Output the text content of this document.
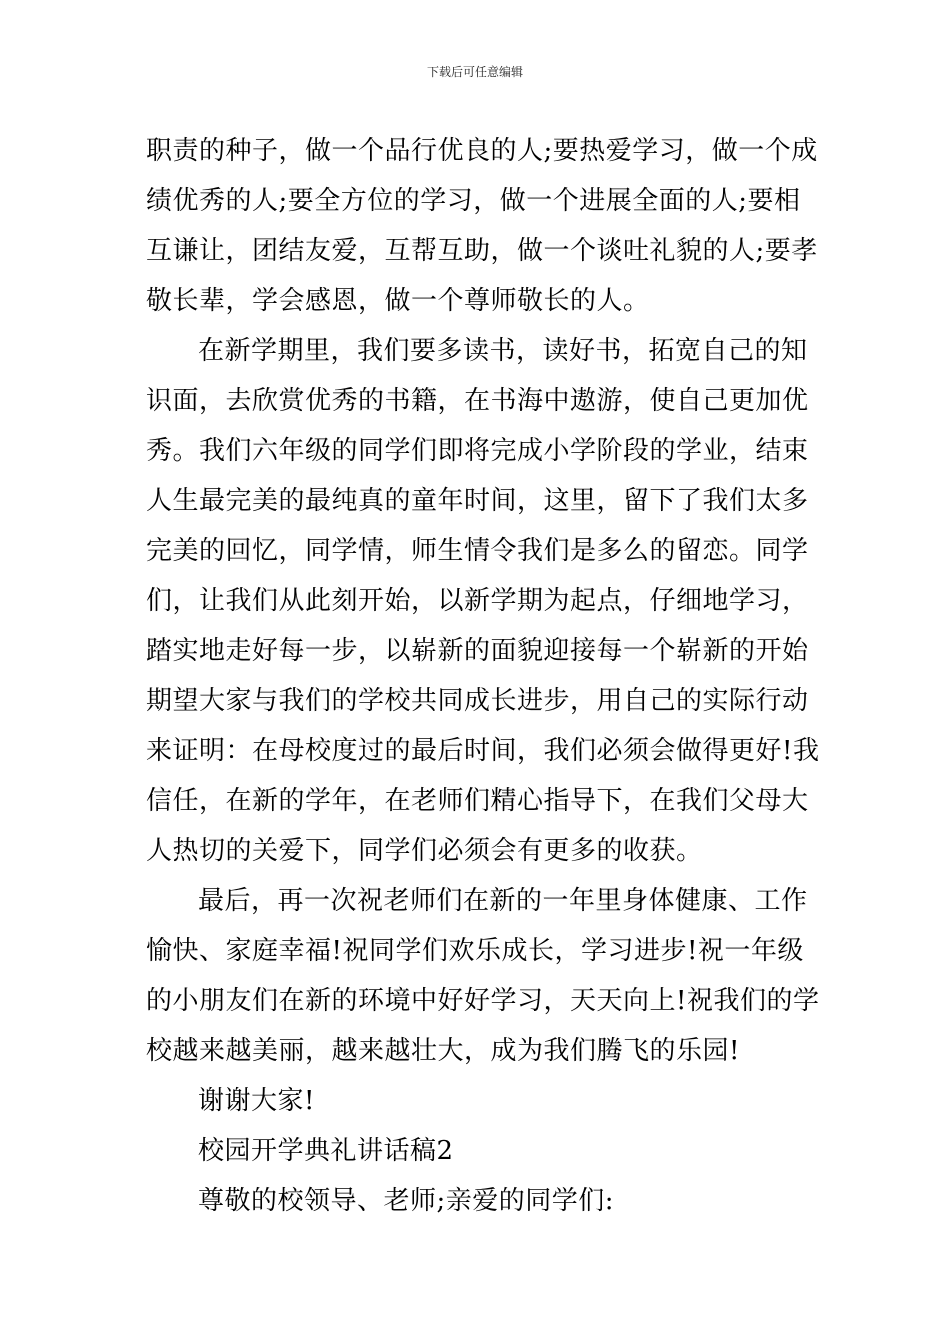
下载后可任意编辑
职责的种子，做一个品行优良的人;要热爱学习，做一个成
绩优秀的人;要全方位的学习，做一个进展全面的人;要相
互谦让，团结友爱，互帮互助，做一个谈吐礼貌的人;要孝
敬长辈，学会感恩，做一个尊师敬长的人。
在新学期里，我们要多读书，读好书，拓宽自己的知
识面，去欣赏优秀的书籍，在书海中遨游，使自己更加优
秀。我们六年级的同学们即将完成小学阶段的学业，结束
人生最完美的最纯真的童年时间，这里，留下了我们太多
完美的回忆，同学情，师生情令我们是多么的留恋。同学
们，让我们从此刻开始，以新学期为起点，仔细地学习，
踏实地走好每一步，以崭新的面貌迎接每一个崭新的开始
期望大家与我们的学校共同成长进步，用自己的实际行动
来证明：在母校度过的最后时间，我们必须会做得更好!我
信任，在新的学年，在老师们精心指导下，在我们父母大
人热切的关爱下，同学们必须会有更多的收获。
最后，再一次祝老师们在新的一年里身体健康、工作
愉快、家庭幸福!祝同学们欢乐成长，学习进步!祝一年级
的小朋友们在新的环境中好好学习，天天向上!祝我们的学
校越来越美丽，越来越壮大，成为我们腾飞的乐园!
谢谢大家!
校园开学典礼讲话稿2
尊敬的校领导、老师;亲爱的同学们:
